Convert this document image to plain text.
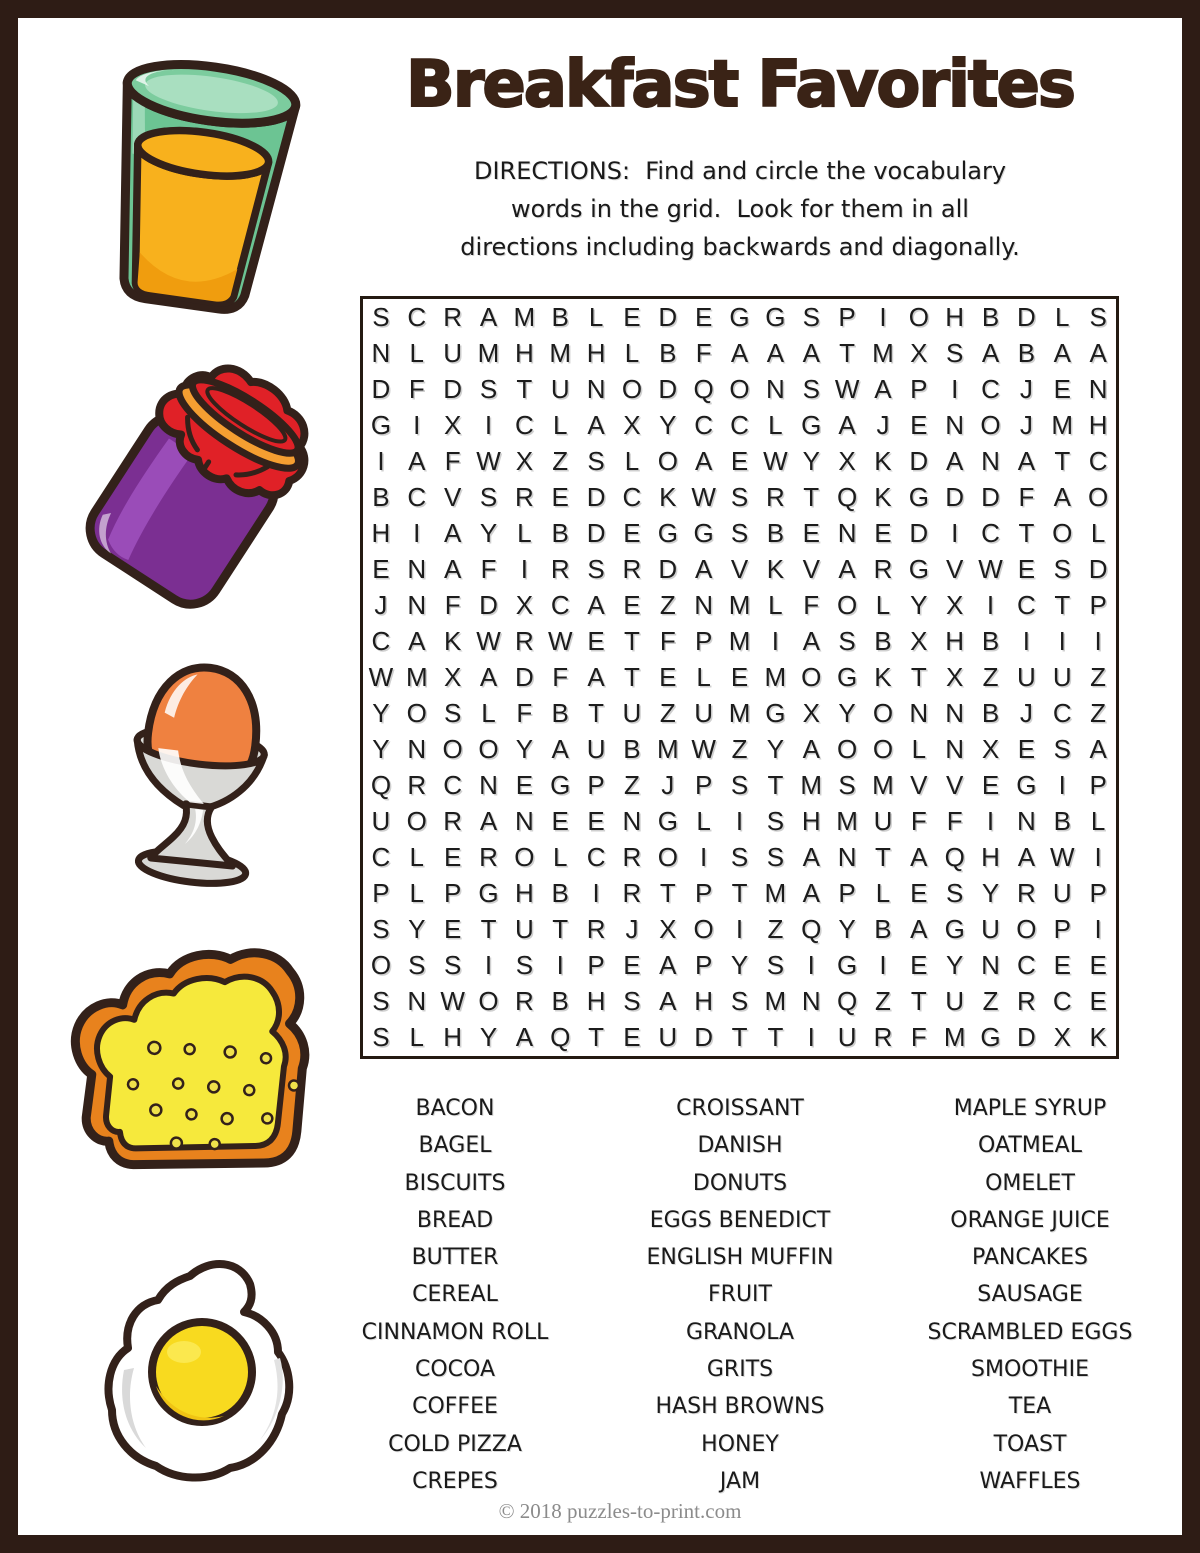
Breakfast Favorites
DIRECTIONS:  Find and circle the vocabulary
words in the grid.  Look for them in all
directions including backwards and diagonally.
S C R A M B L E D E G G S P I O H B D L S
N L U M H M H L B F A A A T M X S A B A A
D F D S T U N O D Q O N S W A P I C J E N
G I X I C L A X Y C C L G A J E N O J M H
I A F W X Z S L O A E W Y X K D A N A T C
B C V S R E D C K W S R T Q K G D D F A O
H I A Y L B D E G G S B E N E D I C T O L
E N A F I R S R D A V K V A R G V W E S D
J N F D X C A E Z N M L F O L Y X I C T P
C A K W R W E T F P M I A S B X H B I	I	I
W M X A D F A T E L E M O G K T X Z U U Z
Y O S L F B T U Z U M G X Y O N N B J C Z
Y N O O Y A U B M W Z Y A O O L N X E S A
Q R C N E G P Z J P S T M S M V V E G I P
U O R A N E E N G L I S H M U F F I N B L
C L E R O L C R O I S S A N T A Q H A W I
P L P G H B I R T P T M A P L E S Y R U P
S Y E T U T R J X O I Z Q Y B A G U O P I
O S S I S I P E A P Y S I G I E Y N C E E
S N W O R B H S A H S M N Q Z T U Z R C E
S L H Y A Q T E U D T T I U R F M G D X K
BACON
BAGEL
BISCUITS
BREAD
BUTTER
CEREAL
CINNAMON ROLL
COCOA
COFFEE
COLD PIZZA
CREPES
CROISSANT
DANISH
DONUTS
EGGS BENEDICT
ENGLISH MUFFIN
FRUIT
GRANOLA
GRITS
HASH BROWNS
HONEY
JAM
MAPLE SYRUP
OATMEAL
OMELET
ORANGE JUICE
PANCAKES
SAUSAGE
SCRAMBLED EGGS
SMOOTHIE
TEA
TOAST
WAFFLES
© 2018 puzzles-to-print.com
